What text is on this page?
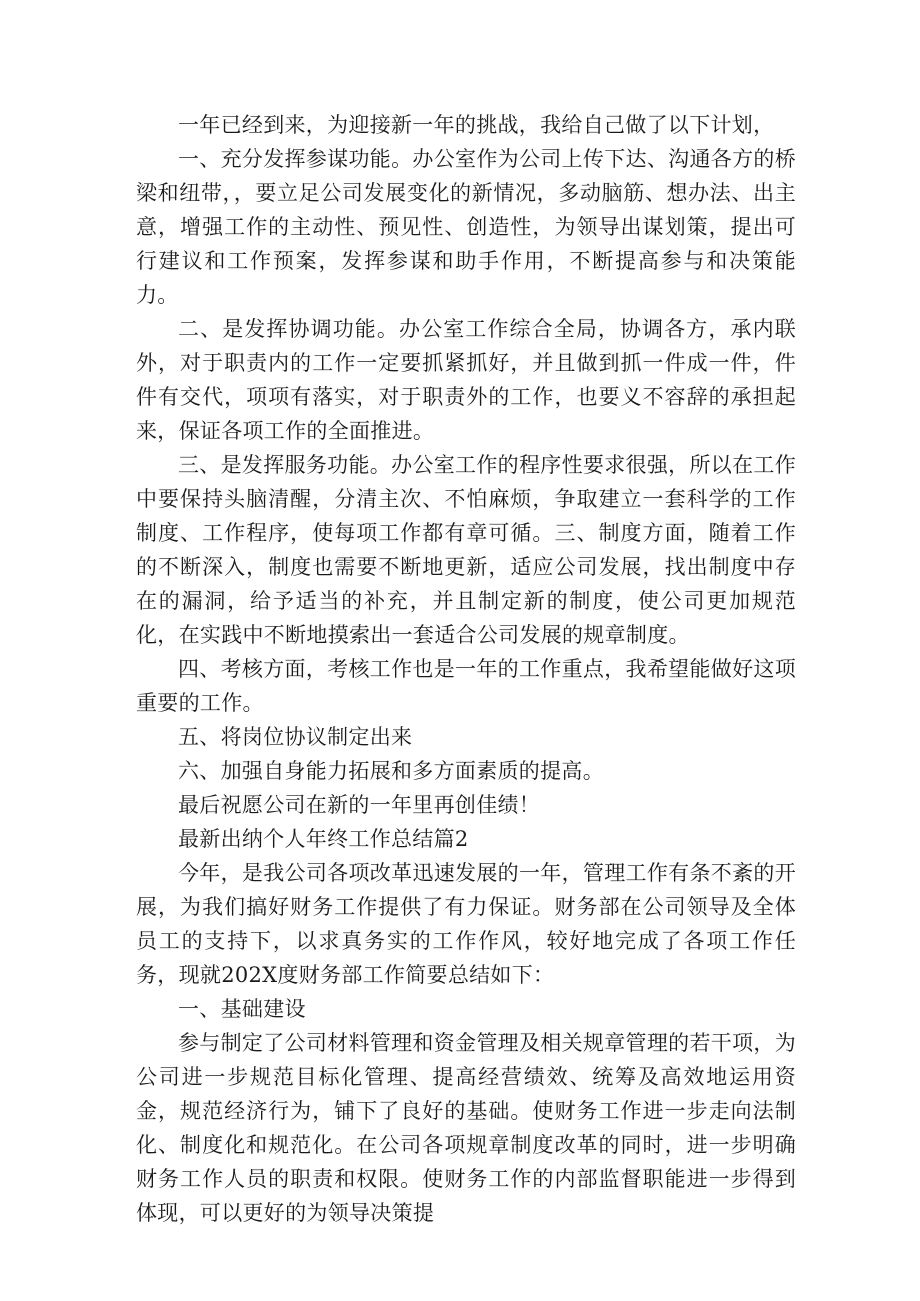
一年已经到来，为迎接新一年的挑战，我给自己做了以下计划，

一、充分发挥参谋功能。办公室作为公司上传下达、沟通各方的桥梁和纽带，，要立足公司发展变化的新情况，多动脑筋、想办法、出主意，增强工作的主动性、预见性、创造性，为领导出谋划策，提出可行建议和工作预案，发挥参谋和助手作用，不断提高参与和决策能力。

二、是发挥协调功能。办公室工作综合全局，协调各方，承内联外，对于职责内的工作一定要抓紧抓好，并且做到抓一件成一件，件件有交代，项项有落实，对于职责外的工作，也要义不容辞的承担起来，保证各项工作的全面推进。

三、是发挥服务功能。办公室工作的程序性要求很强，所以在工作中要保持头脑清醒，分清主次、不怕麻烦，争取建立一套科学的工作制度、工作程序，使每项工作都有章可循。三、制度方面，随着工作的不断深入，制度也需要不断地更新，适应公司发展，找出制度中存在的漏洞，给予适当的补充，并且制定新的制度，使公司更加规范化，在实践中不断地摸索出一套适合公司发展的规章制度。

四、考核方面，考核工作也是一年的工作重点，我希望能做好这项重要的工作。

五、将岗位协议制定出来

六、加强自身能力拓展和多方面素质的提高。

最后祝愿公司在新的一年里再创佳绩！

最新出纳个人年终工作总结篇2

今年，是我公司各项改革迅速发展的一年，管理工作有条不紊的开展，为我们搞好财务工作提供了有力保证。财务部在公司领导及全体员工的支持下，以求真务实的工作作风，较好地完成了各项工作任务，现就202X度财务部工作简要总结如下：

一、基础建设

参与制定了公司材料管理和资金管理及相关规章管理的若干项，为公司进一步规范目标化管理、提高经营绩效、统筹及高效地运用资金，规范经济行为，铺下了良好的基础。使财务工作进一步走向法制化、制度化和规范化。在公司各项规章制度改革的同时，进一步明确财务工作人员的职责和权限。使财务工作的内部监督职能进一步得到体现，可以更好的为领导决策提
